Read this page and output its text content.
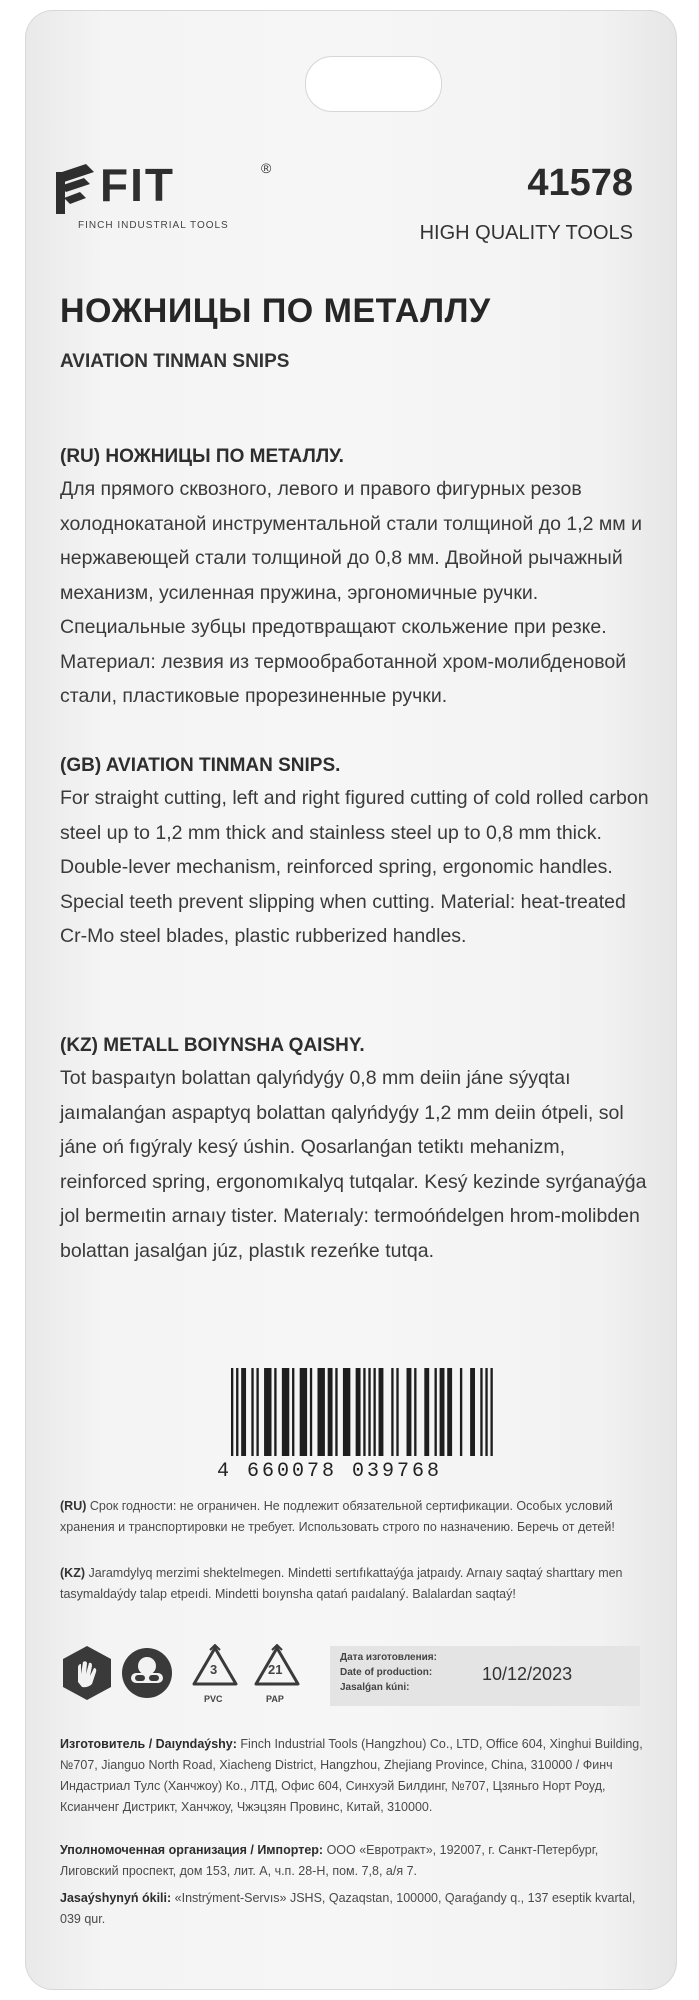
FIT	®
FINCH INDUSTRIAL TOOLS
41578
HIGH QUALITY TOOLS
НОЖНИЦЫ ПО МЕТАЛЛУ
AVIATION TINMAN SNIPS
(RU) НОЖНИЦЫ ПО МЕТАЛЛУ.

Для прямого сквозного, левого и правого фигурных резов холоднокатаной инструментальной стали толщиной до 1,2 мм и нержавеющей стали толщиной до 0,8 мм. Двойной рычажный механизм, усиленная пружина, эргономичные ручки. Специальные зубцы предотвращают скольжение при резке. Материал: лезвия из термообработанной хром-молибденовой стали, пластиковые прорезиненные ручки.

(GB) AVIATION TINMAN SNIPS.

For straight cutting, left and right figured cutting of cold rolled carbon steel up to 1,2 mm thick and stainless steel up to 0,8 mm thick. Double-lever mechanism, reinforced spring, ergonomic handles. Special teeth prevent slipping when cutting. Material: heat-treated Cr-Mo steel blades, plastic rubberized handles.

(KZ) METALL BOIYNSHA QAISHY.

Tot baspaıtyn bolattan qalyńdyǵy 0,8 mm deiin jáne sýyqtaı jaımalanǵan aspaptyq bolattan qalyńdyǵy 1,2 mm deiin ótpeli, sol jáne oń fıgýraly kesý úshin. Qosarlanǵan tetiktı mehanizm, reinforced spring, ergonomıkalyq tutqalar. Kesý kezinde syrǵanaýǵa jol bermeıtin arnaıy tister. Materıaly: termoóńdelgen hrom-molibden bolattan jasalǵan júz, plastık rezeńke tutqa.

4 660078 039768
(RU) Срок годности: не ограничен. Не подлежит обязательной сертификации. Особых условий хранения и транспортировки не требует. Использовать строго по назначению. Беречь от детей!
(KZ) Jaramdylyq merzimi shektelmegen. Mindetti sertıfıkattaýǵa jatpaıdy. Arnaıy saqtaý sharttary men tasymaldaýdy talap etpeıdi. Mindetti boıynsha qatań paıdalaný. Balalardan saqtaý!
3
PVC
21
PAP
Дата изготовления:
Date of production:
Jasalǵan kúni:
10/12/2023
Изготовитель / Daıyndaýshy: Finch Industrial Tools (Hangzhou) Co., LTD, Office 604, Xinghui Building, №707, Jianguo North Road, Xiacheng District, Hangzhou, Zhejiang Province, China, 310000 / Финч Индастриал Тулс (Ханчжоу) Ко., ЛТД, Офис 604, Синхуэй Билдинг, №707, Цзяньго Норт Роуд, Ксианченг Дистрикт, Ханчжоу, Чжэцзян Провинс, Китай, 310000.
Уполномоченная организация / Импортер: ООО «Евротракт», 192007, г. Санкт-Петербург, Лиговский проспект, дом 153, лит. А, ч.п. 28-Н, пом. 7,8, а/я 7.
Jasaýshynyń ókili: «Instrýment-Servıs» JSHS, Qazaqstan, 100000, Qaraǵandy q., 137 eseptik kvartal, 039 qur.
